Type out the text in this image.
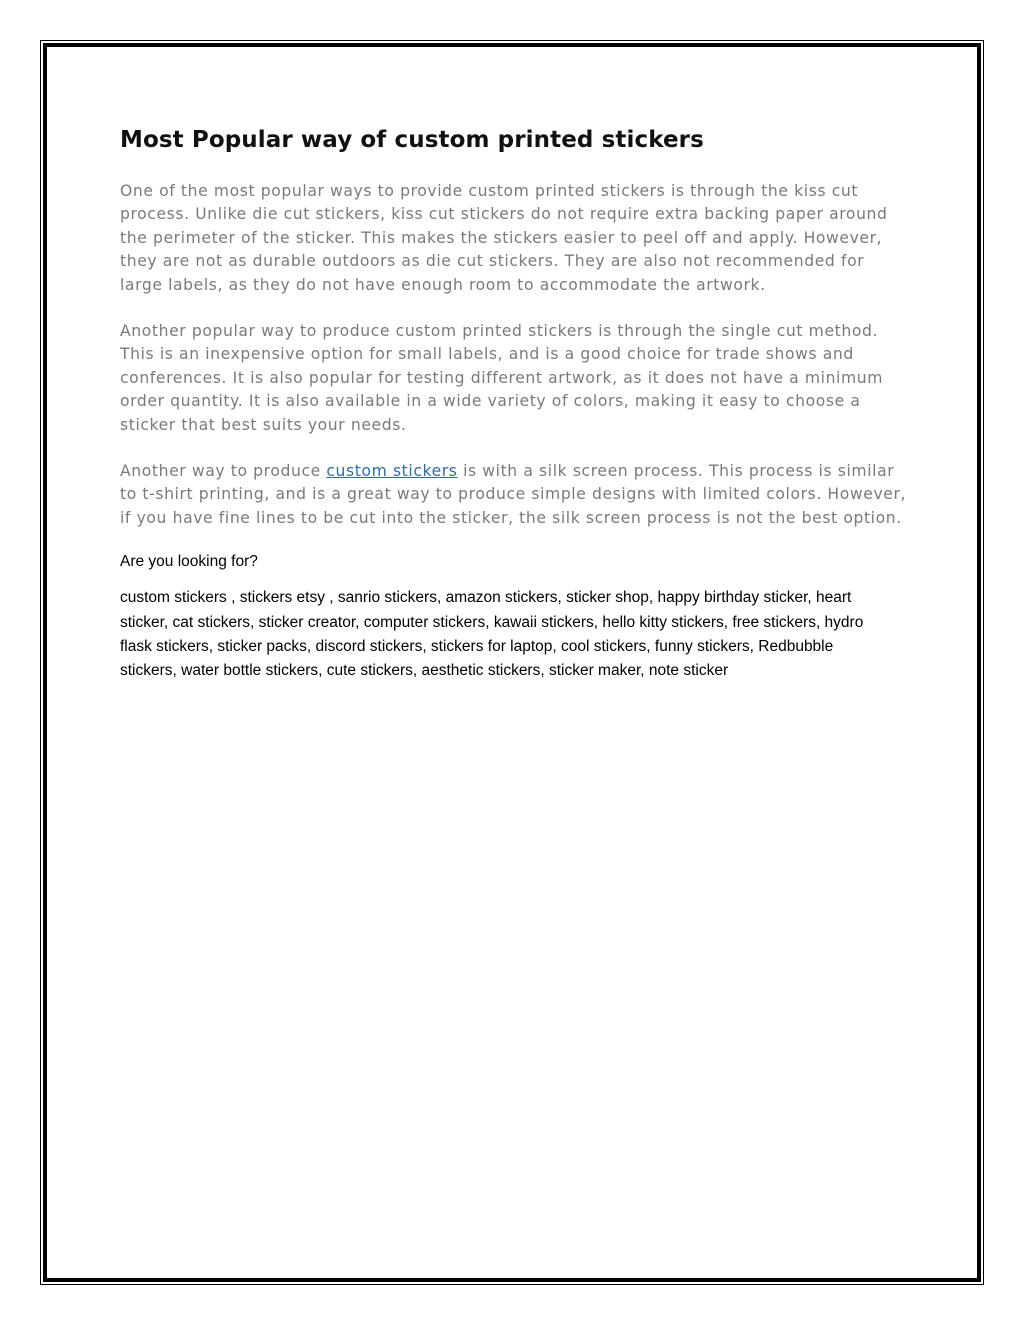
Most Popular way of custom printed stickers

One of the most popular ways to provide custom printed stickers is through the kiss cut process. Unlike die cut stickers, kiss cut stickers do not require extra backing paper around the perimeter of the sticker. This makes the stickers easier to peel off and apply. However, they are not as durable outdoors as die cut stickers. They are also not recommended for large labels, as they do not have enough room to accommodate the artwork.

Another popular way to produce custom printed stickers is through the single cut method. This is an inexpensive option for small labels, and is a good choice for trade shows and conferences. It is also popular for testing different artwork, as it does not have a minimum order quantity. It is also available in a wide variety of colors, making it easy to choose a sticker that best suits your needs.

Another way to produce custom stickers is with a silk screen process. This process is similar to t-shirt printing, and is a great way to produce simple designs with limited colors. However, if you have fine lines to be cut into the sticker, the silk screen process is not the best option.

Are you looking for?

custom stickers , stickers etsy , sanrio stickers, amazon stickers, sticker shop, happy birthday sticker, heart sticker, cat stickers, sticker creator, computer stickers, kawaii stickers, hello kitty stickers, free stickers, hydro flask stickers, sticker packs, discord stickers, stickers for laptop, cool stickers, funny stickers, Redbubble stickers, water bottle stickers, cute stickers, aesthetic stickers, sticker maker, note sticker
